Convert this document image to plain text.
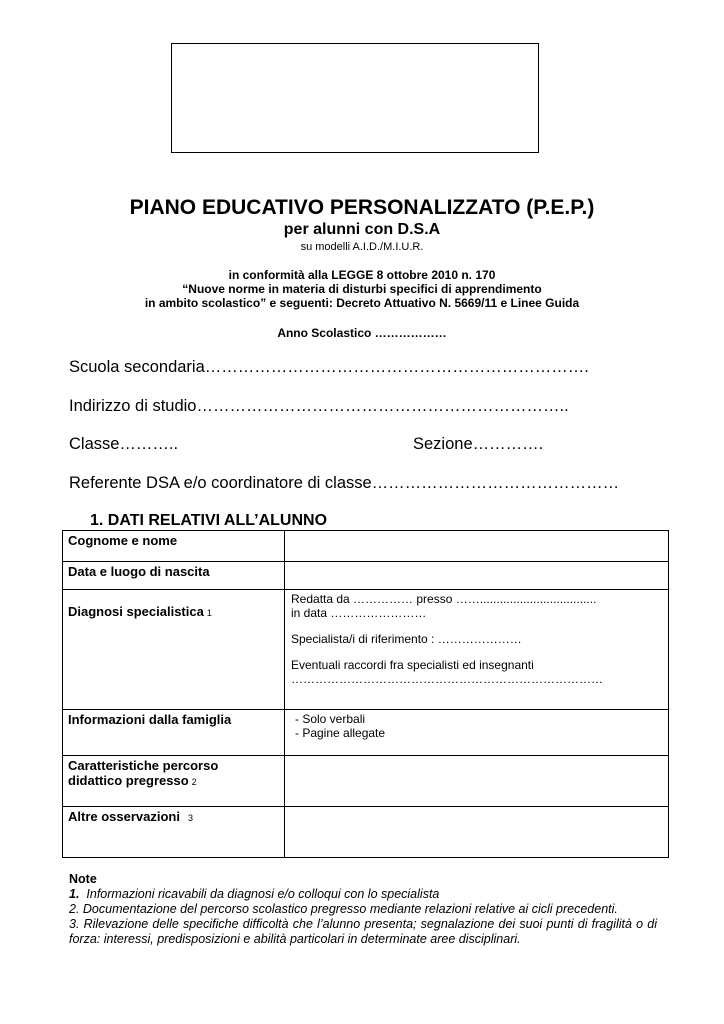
PIANO EDUCATIVO PERSONALIZZATO (P.E.P.)
per alunni con D.S.A
su modelli A.I.D./M.I.U.R.
in conformità alla LEGGE 8 ottobre 2010 n. 170
“Nuove norme in materia di disturbi specifici di apprendimento
in ambito scolastico” e seguenti: Decreto Attuativo N. 5669/11 e Linee Guida
Anno Scolastico ………………
Scuola secondaria…………………………………………………………….
Indirizzo di studio…………………………………………………………..
Classe………..	Sezione………….
Referente DSA e/o coordinatore di classe………………………………………
1. DATI RELATIVI ALL’ALUNNO
Cognome e nome	
Data e luogo di nascita	

Diagnosi specialistica 1	Redatta da …………… presso ……...................................
in data ……………………
Specialista/i di riferimento : …………………
Eventuali raccordi fra specialisti ed insegnanti
……………………………………………………………………

Informazioni dalla famiglia	- Solo verbali
- Pagine allegate

Caratteristiche percorso
didattico pregresso 2	
Altre osservazioni 3	
Note

1. Informazioni ricavabili da diagnosi e/o colloqui con lo specialista

2. Documentazione del percorso scolastico pregresso mediante relazioni relative ai cicli precedenti.

3. Rilevazione delle specifiche difficoltà che l’alunno presenta; segnalazione dei suoi punti di fragilità o di forza: interessi, predisposizioni e abilità particolari in determinate aree disciplinari.
